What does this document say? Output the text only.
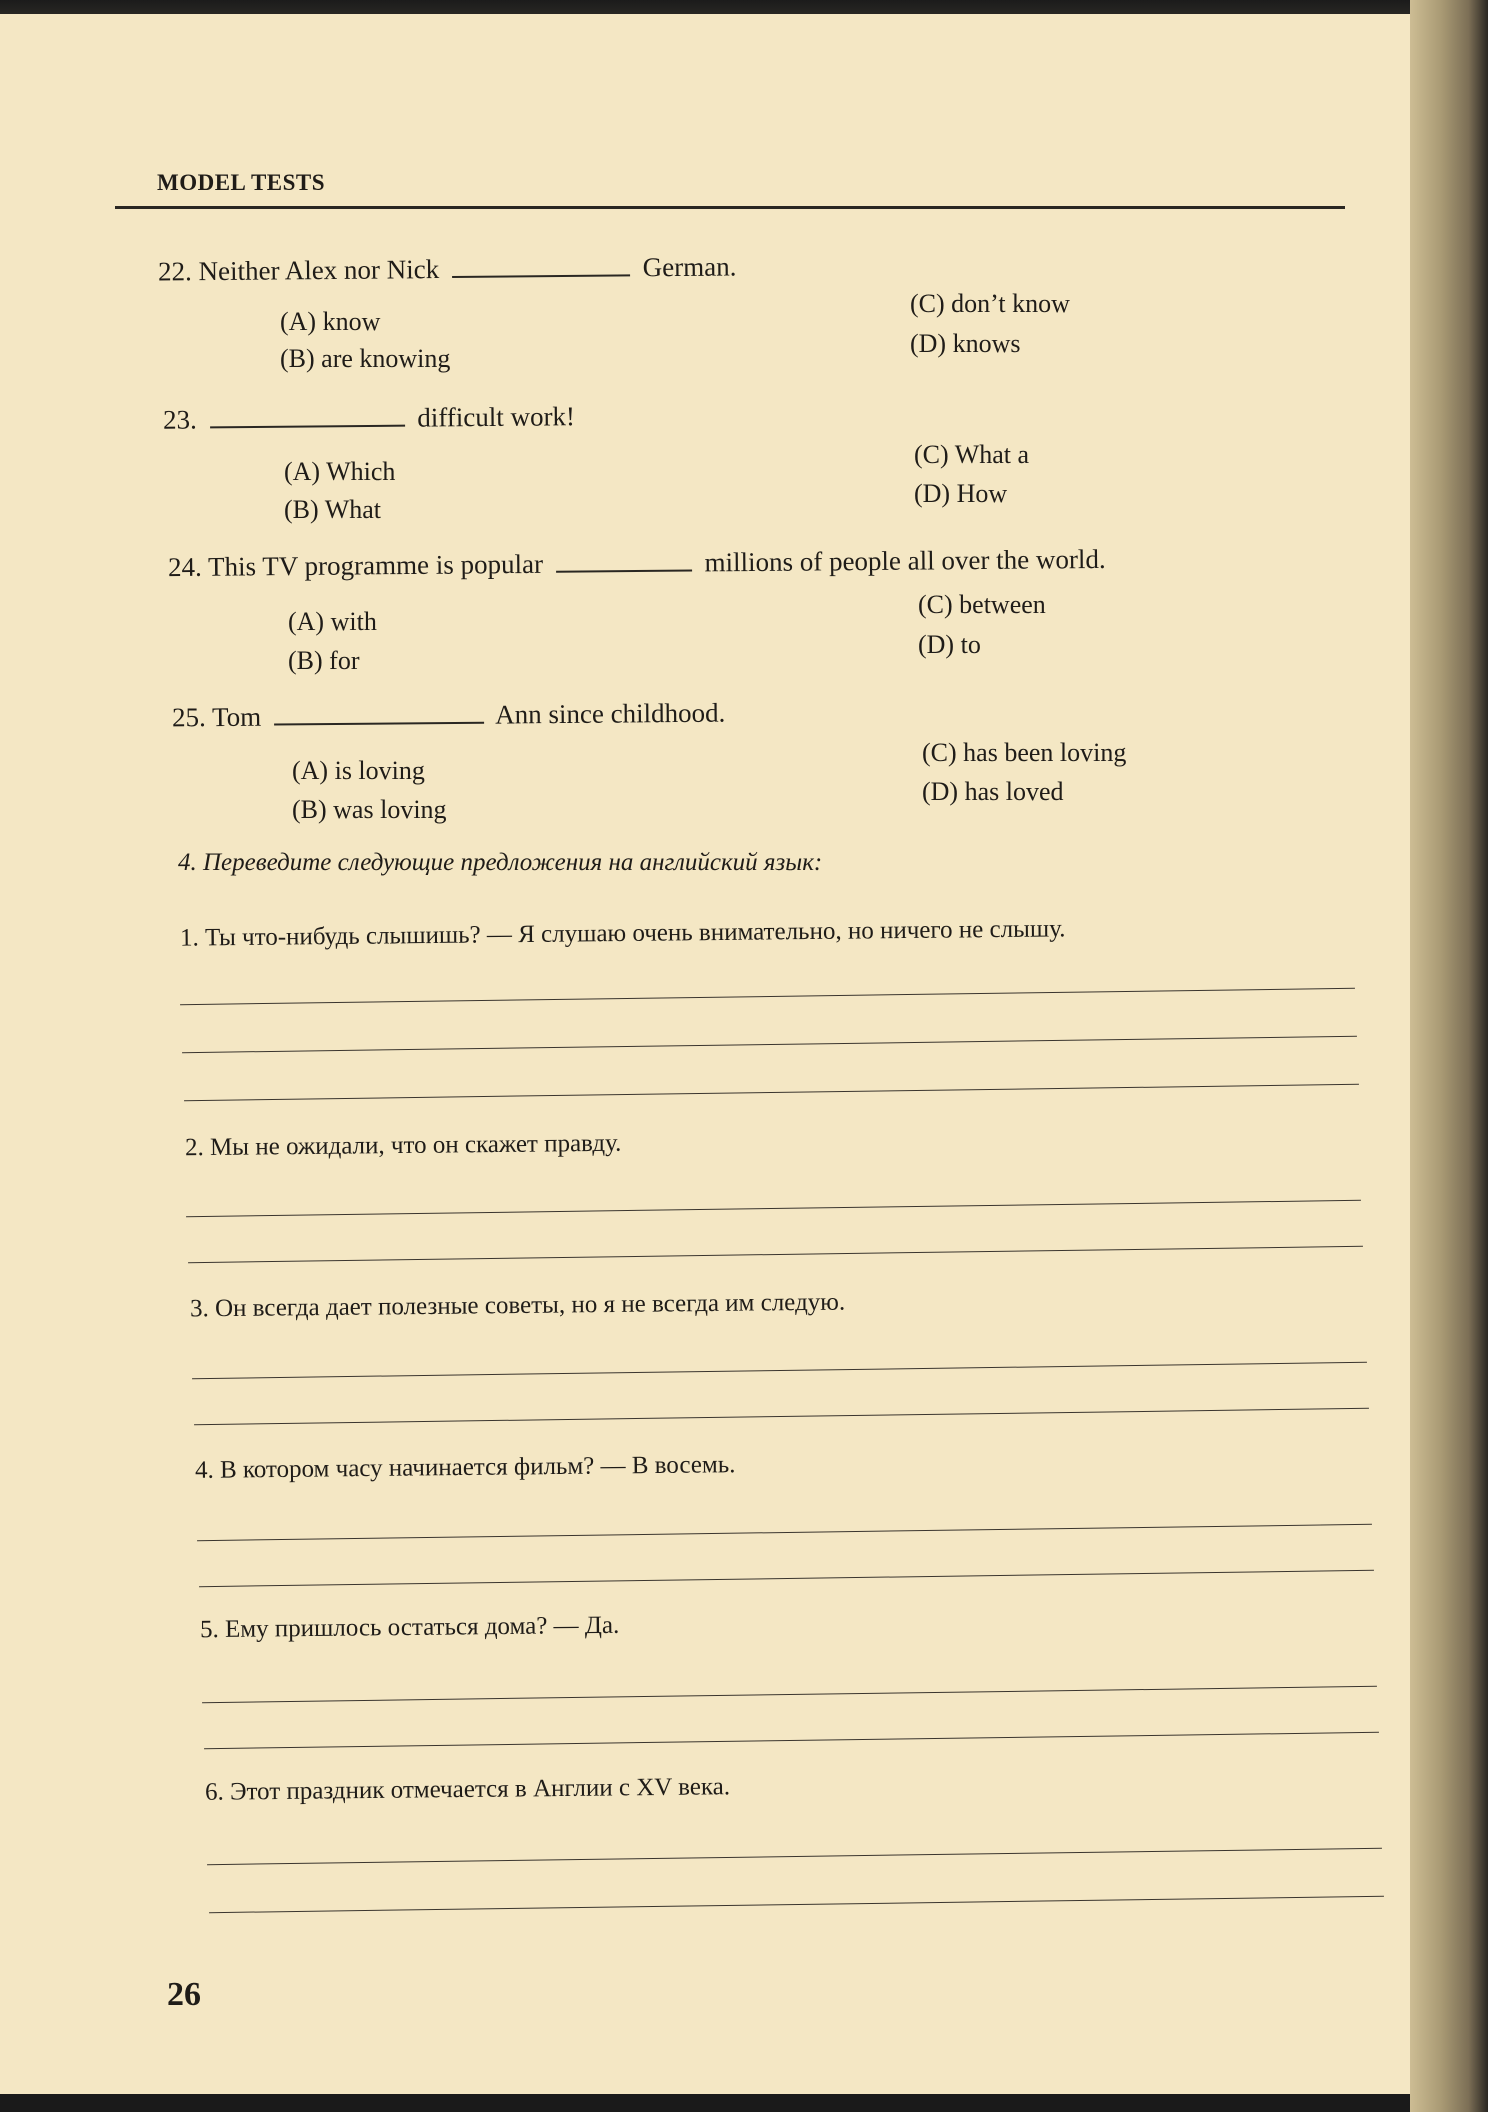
MODEL TESTS
22. Neither Alex nor Nick	German.
(A) know
(B) are knowing
(C) don’t know
(D) knows
23.	difficult work!
(A) Which
(B) What
(C) What a
(D) How
24. This TV programme is popular	millions of people all over the world.
(A) with
(B) for
(C) between
(D) to
25. Tom	Ann since childhood.
(A) is loving
(B) was loving
(C) has been loving
(D) has loved
4. Переведите следующие предложения на английский язык:
1. Ты что-нибудь слышишь? — Я слушаю очень внимательно, но ничего не слышу.
2. Мы не ожидали, что он скажет правду.
3. Он всегда дает полезные советы, но я не всегда им следую.
4. В котором часу начинается фильм? — В восемь.
5. Ему пришлось остаться дома? — Да.
6. Этот праздник отмечается в Англии с XV века.
26
